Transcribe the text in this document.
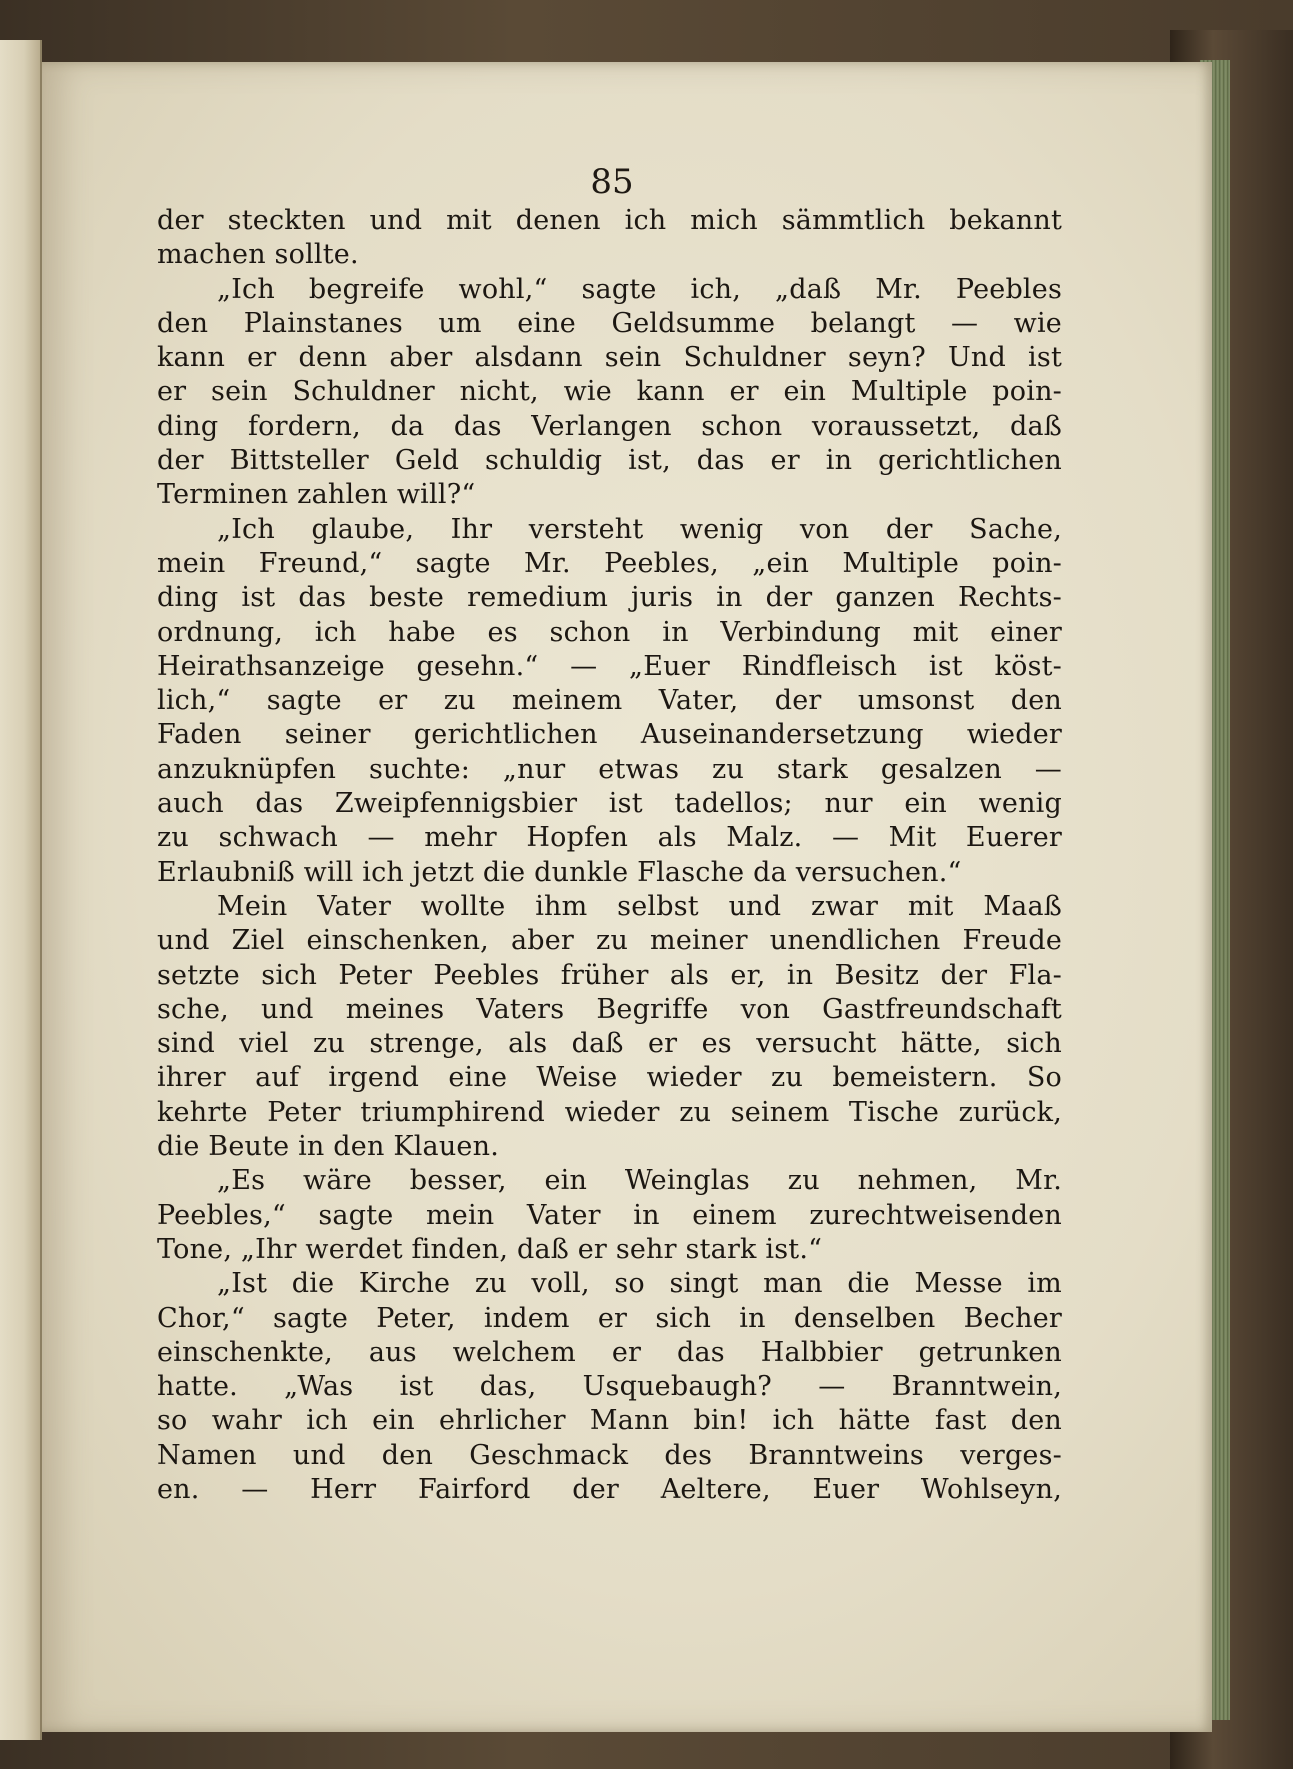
85
der steckten und mit denen ich mich sämmtlich bekannt
machen sollte.
„Ich begreife wohl,“ sagte ich, „daß Mr. Peebles
den Plainstanes um eine Geldsumme belangt — wie
kann er denn aber alsdann sein Schuldner seyn? Und ist
er sein Schuldner nicht, wie kann er ein Multiple poin-
ding fordern, da das Verlangen schon voraussetzt, daß
der Bittsteller Geld schuldig ist, das er in gerichtlichen
Terminen zahlen will?“
„Ich glaube, Ihr versteht wenig von der Sache,
mein Freund,“ sagte Mr. Peebles, „ein Multiple poin-
ding ist das beste remedium juris in der ganzen Rechts-
ordnung, ich habe es schon in Verbindung mit einer
Heirathsanzeige gesehn.“ — „Euer Rindfleisch ist köst-
lich,“ sagte er zu meinem Vater, der umsonst den
Faden seiner gerichtlichen Auseinandersetzung wieder
anzuknüpfen suchte: „nur etwas zu stark gesalzen —
auch das Zweipfennigsbier ist tadellos; nur ein wenig
zu schwach — mehr Hopfen als Malz. — Mit Euerer
Erlaubniß will ich jetzt die dunkle Flasche da versuchen.“
Mein Vater wollte ihm selbst und zwar mit Maaß
und Ziel einschenken, aber zu meiner unendlichen Freude
setzte sich Peter Peebles früher als er, in Besitz der Fla-
sche, und meines Vaters Begriffe von Gastfreundschaft
sind viel zu strenge, als daß er es versucht hätte, sich
ihrer auf irgend eine Weise wieder zu bemeistern. So
kehrte Peter triumphirend wieder zu seinem Tische zurück,
die Beute in den Klauen.
„Es wäre besser, ein Weinglas zu nehmen, Mr.
Peebles,“ sagte mein Vater in einem zurechtweisenden
Tone, „Ihr werdet finden, daß er sehr stark ist.“
„Ist die Kirche zu voll, so singt man die Messe im
Chor,“ sagte Peter, indem er sich in denselben Becher
einschenkte, aus welchem er das Halbbier getrunken
hatte. „Was ist das, Usquebaugh? — Branntwein,
so wahr ich ein ehrlicher Mann bin! ich hätte fast den
Namen und den Geschmack des Branntweins verges-
en. — Herr Fairford der Aeltere, Euer Wohlseyn,
